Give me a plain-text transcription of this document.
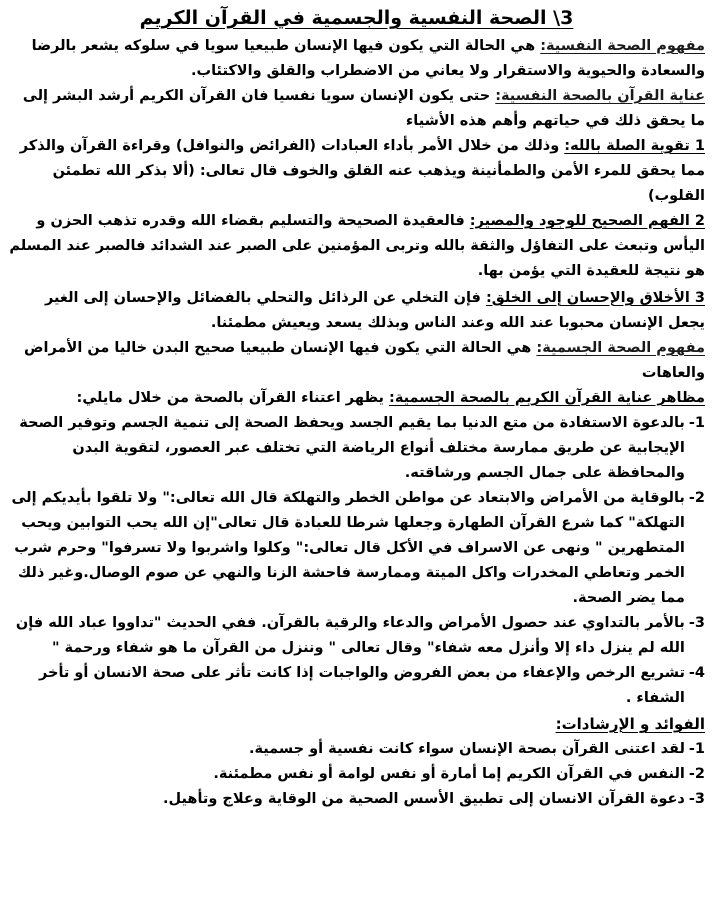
3\ الصحة النفسية والجسمية في القرآن الكريم

مفهوم الصحة النفسية: هي الحالة التي يكون فيها الإنسان طبيعيا سويا في سلوكه يشعر بالرضا والسعادة والحيوية والاستقرار ولا يعاني من الاضطراب والقلق والاكتئاب.

عناية القرآن بالصحة النفسية: حتى يكون الإنسان سويا نفسيا فان القرآن الكريم أرشد البشر إلى ما يحقق ذلك في حياتهم وأهم هذه الأشياء

1 تقوية الصلة بالله: وذلك من خلال الأمر بأداء العبادات (الفرائض والنوافل) وقراءة القرآن والذكر مما يحقق للمرء الأمن والطمأنينة ويذهب عنه القلق والخوف قال تعالى: (ألا بذكر الله تطمئن القلوب)

2 الفهم الصحيح للوجود والمصير: فالعقيدة الصحيحة والتسليم بقضاء الله وقدره تذهب الحزن و اليأس وتبعث على التفاؤل والثقة بالله وتربى المؤمنين على الصبر عند الشدائد فالصبر عند المسلم هو نتيجة للعقيدة التي يؤمن بها.

3 الأخلاق والإحسان إلى الخلق: فإن التخلي عن الرذائل والتحلي بالفضائل والإحسان إلى الغير يجعل الإنسان محبوبا عند الله وعند الناس وبذلك يسعد ويعيش مطمئنا.

مفهوم الصحة الجسمية: هي الحالة التي يكون فيها الإنسان طبيعيا صحيح البدن خاليا من الأمراض والعاهات

مظاهر عناية القرآن الكريم بالصحة الجسمية: يظهر اعتناء القرآن بالصحة من خلال مايلي:

-1
بالدعوة الاستفادة من متع الدنيا بما يقيم الجسد ويحفظ الصحة إلى تنمية الجسم وتوفير الصحة الإيجابية عن طريق ممارسة مختلف أنواع الرياضة التي تختلف عبر العصور، لتقوية البدن والمحافظة على جمال الجسم ورشاقته.
-2
بالوقاية من الأمراض والابتعاد عن مواطن الخطر والتهلكة قال الله تعالى:" ولا تلقوا بأيديكم إلى التهلكة" كما شرع القرآن الطهارة وجعلها شرطا للعبادة قال تعالى"إن الله يحب التوابين ويحب المتطهرين " ونهى عن الاسراف في الأكل قال تعالى:" وكلوا واشربوا ولا تسرفوا" وحرم شرب الخمر وتعاطي المخدرات واكل الميتة وممارسة فاحشة الزنا والنهي عن صوم الوصال.وغير ذلك مما يضر الصحة.
-3
بالأمر بالتداوي عند حصول الأمراض والدعاء والرقية بالقرآن. ففي الحديث "تداووا عباد الله فإن الله لم ينزل داء إلا وأنزل معه شفاء" وقال تعالى " وننزل من القرآن ما هو شفاء ورحمة "
-4
تشريع الرخص والإعفاء من بعض الفروض والواجبات إذا كانت تأثر على صحة الانسان أو تأخر الشفاء .
الفوائد و الإرشادات:
-1
لقد اعتنى القرآن بصحة الإنسان سواء كانت نفسية أو جسمية.
-2
النفس في القرآن الكريم إما أمارة أو نفس لوامة أو نفس مطمئنة.
-3
دعوة القرآن الانسان إلى تطبيق الأسس الصحية من الوقاية وعلاج وتأهيل.
